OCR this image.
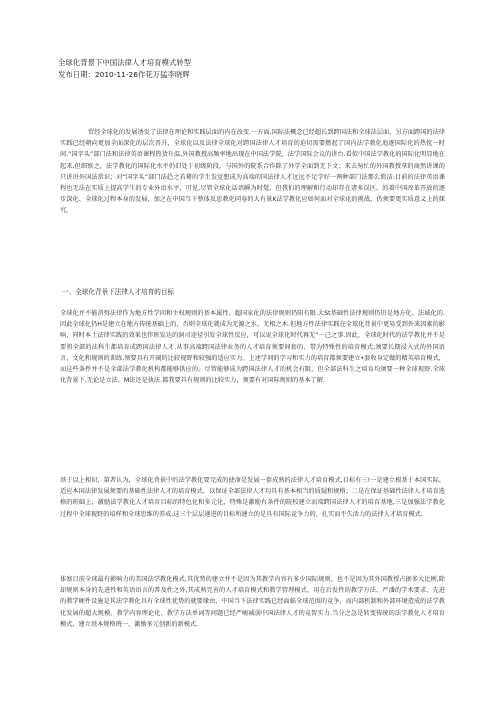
全球化背景下中国法律人才培育模式转型
发布日期：2010-11-26作花万猛李晓辉
贸经全球化的发展诱发了法律在理论和实践层面的内在改变.一方面,国际法概念已经超长到跨国法和全球法层面，另方面跨国的法律实践已经朝向更加全面深化的层次晋升，全球化以及法律全球化对跨国法律人才培育的迫切需要燃起了国内法学教化追逐国际化的热忱一时间.“国字头”部门法和法律英语课程热货升温,外国教授高频率地出现在中国法学院、法学国际会议的讲台.看似中国法学教化的国际化明显地在起来,但细察之，法学教化的国际化水平仍旧处于初级阶段，与国外的院系合作除了外学全面到无下文；来去匆忙的外国教授拿的商然讲课的只讲讲外国法常识；对“国字头”部门法趋之若鹜的学生发觉想成为高端的国法律人才远远不足学好一两种部门法那么简洁:目前的法律英语课程也无法在实质上提高学生的专业外语水平，可见,尽管全球化话语瞬为时髦，但我们的理解和行动却存在诸多误区。的着中国改革开放的逐步深化、全球化过程本身的发展，加之在中国当下整体反思教化同卷的大有景K法学教化应如何面对全球化的挑战，仍须要更实质意义上的探究，
一、全球化背景下法律人才培育的目标
全球化并不能消弭法律作为地方性学问和主权规则的基本属性。超国家化的法律规则仍阳有限.大St基础性法律规则仍旧是地方化、法域化的.因此全球化仍H是建立在地方传统基础上的，否则全球化就成为无源之水、无根之木.但地方性法律实践在全球化背景中更易受到外来因素的影响，同时本土法律实践的效果也伴班发达的洞司途径引发全球性反应，可以说全球化时代再无“一己之事.因此，全球化时代的法学教化并不是要将全部的法科生都培育成跨国法律人才.从事高端跨国法律业务的人才培育须要间套的、带为特殊性的培育模式,须要长期浸入式的外国语言、文化和规则的训练,须要具有开阔的比较视野和较强的适应实力。上述学问的学习和实力的培育都须要建立•套收身定做的精英培育模式，而这些条件并不是全部法学教化机构都能够供应的。尽管能够成为跨国法律人才的机会有限，但全部法科生之培育均须要一种全球视野.全球化背景下,无论是立法、M法还是执法.都我要具有规则的比较实力，须要有对国际规则的基本了解.
基于以上相识，第者认为，全球化背景中的法学教化要完成的使命是发展一套成熟的法律人才培育模式,目标有三!一是建立根基于本国实际、适应本国法律发展须要的基础性法律人才的培育模式，以保证全部法律人才均具有基本相当的质疑和规格；二是在保证基础性法律人才培育选格的班础上，激励法学教化人才培育目标的特色化和多元化，特殊是激励有条件的院校建立而端跨国法律人才的培育基地,三是加强法学教化过程中全球视野的培样和全球思维的养成.这三个层层递进的目标所建立的是具有国际竞争力的、扎实而不失活力的法律人才培育模式.
体察目前全球最有影响力的美国法学教化模式,其优势的建立并不是因为其教学内容有多少国际规则、也不是因为其外国教授占据多大比例,除却规则本身的先进性和英语语言的普及性之外,其成熟完善的人才培育模式和教学管理模式、用在后发性的教学方法、严潘的学术要求、先进的教学硬件设施是其法学教化具有全球性优势的就要缘由，中国当下法律实践已经面临全球范围的竞争，而内部机制和外部环境造成的法学教化发展的超大规模、教学内容理论化、教学方法单词等问题已经严峻减弱中国法律人才的竞智实力.当分之急是转变传统的法学教化人才培育模式，建立基本规格统一、激励多元创新的新模式.
